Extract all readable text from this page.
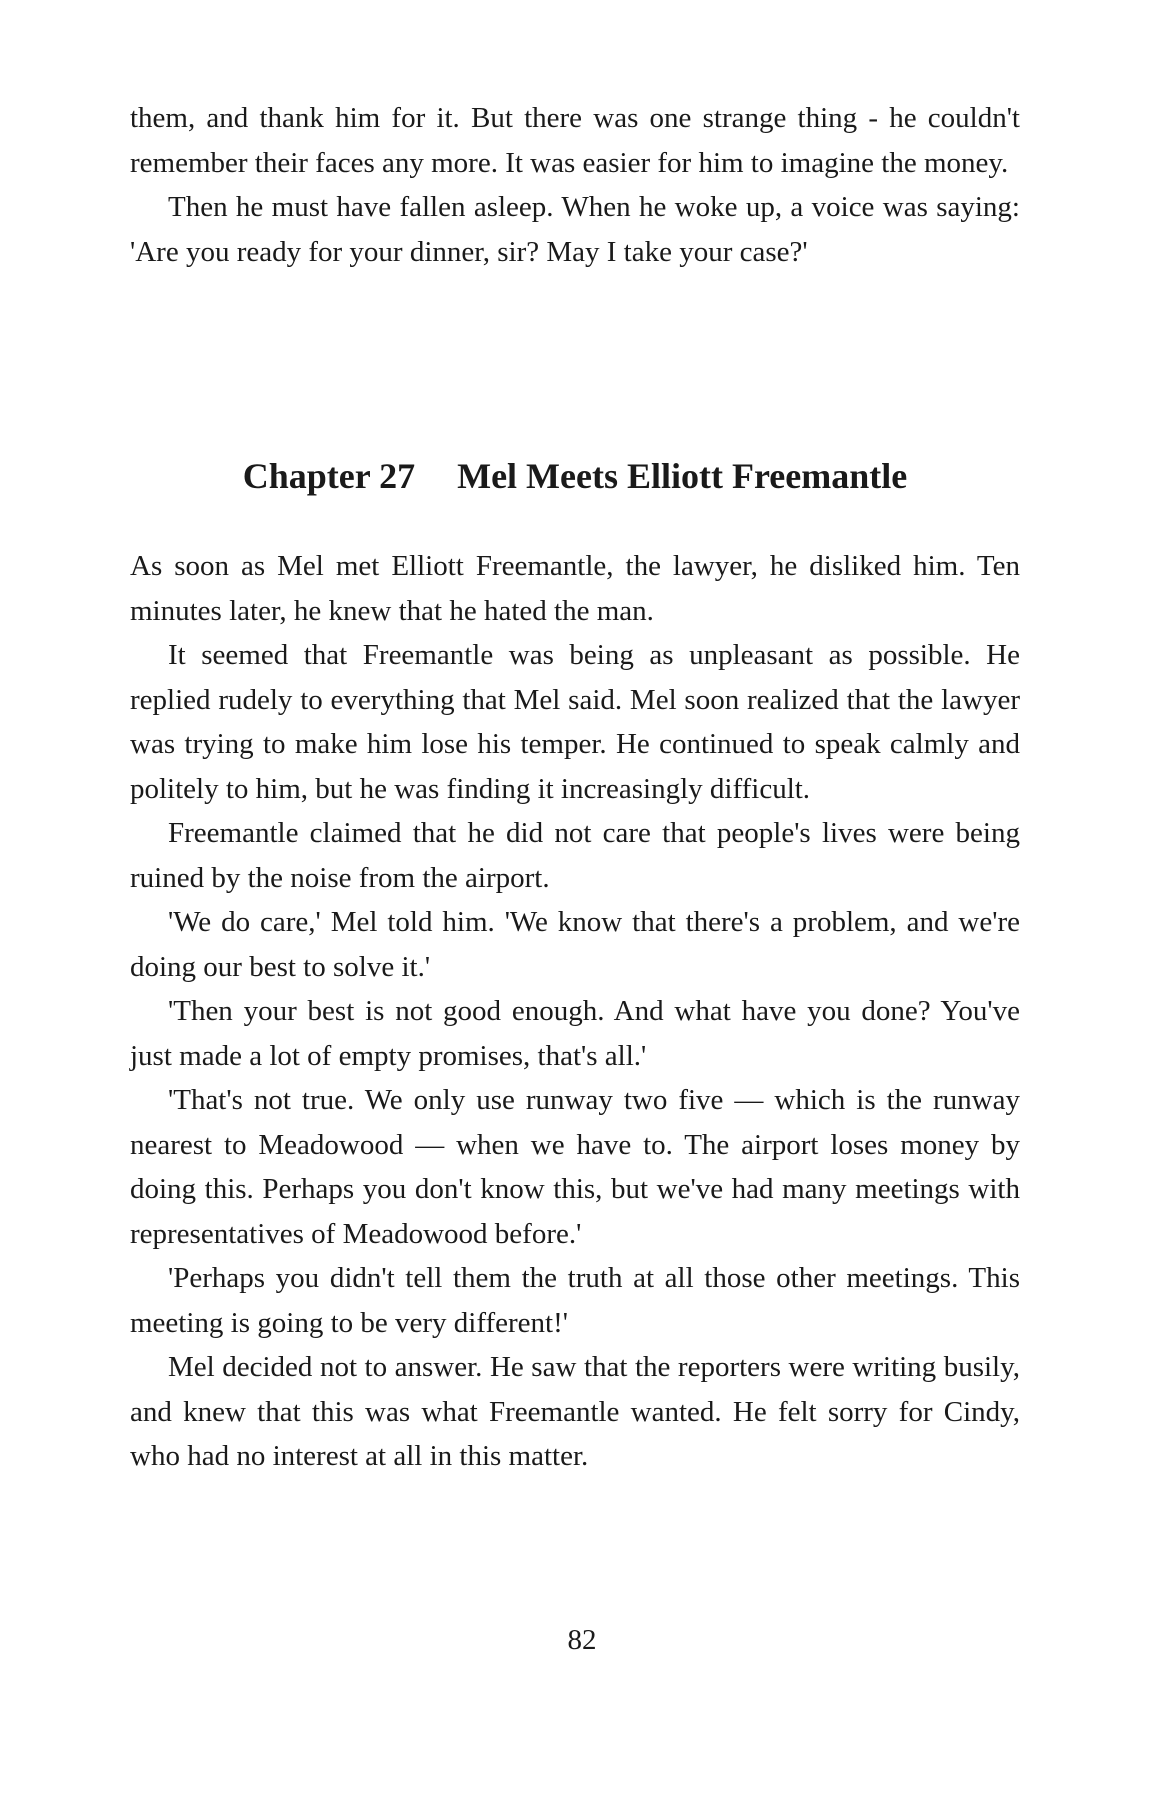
them, and thank him for it. But there was one strange thing - he couldn't remember their faces any more. It was easier for him to imagine the money.

Then he must have fallen asleep. When he woke up, a voice was saying: 'Are you ready for your dinner, sir? May I take your case?'

Chapter 27 Mel Meets Elliott Freemantle

As soon as Mel met Elliott Freemantle, the lawyer, he disliked him. Ten minutes later, he knew that he hated the man.

It seemed that Freemantle was being as unpleasant as possible. He replied rudely to everything that Mel said. Mel soon realized that the lawyer was trying to make him lose his temper. He continued to speak calmly and politely to him, but he was finding it increasingly difficult.

Freemantle claimed that he did not care that people's lives were being ruined by the noise from the airport.

'We do care,' Mel told him. 'We know that there's a problem, and we're doing our best to solve it.'

'Then your best is not good enough. And what have you done? You've just made a lot of empty promises, that's all.'

'That's not true. We only use runway two five — which is the runway nearest to Meadowood — when we have to. The airport loses money by doing this. Perhaps you don't know this, but we've had many meetings with representatives of Meadowood before.'

'Perhaps you didn't tell them the truth at all those other meetings. This meeting is going to be very different!'

Mel decided not to answer. He saw that the reporters were writing busily, and knew that this was what Freemantle wanted. He felt sorry for Cindy, who had no interest at all in this matter.

82
